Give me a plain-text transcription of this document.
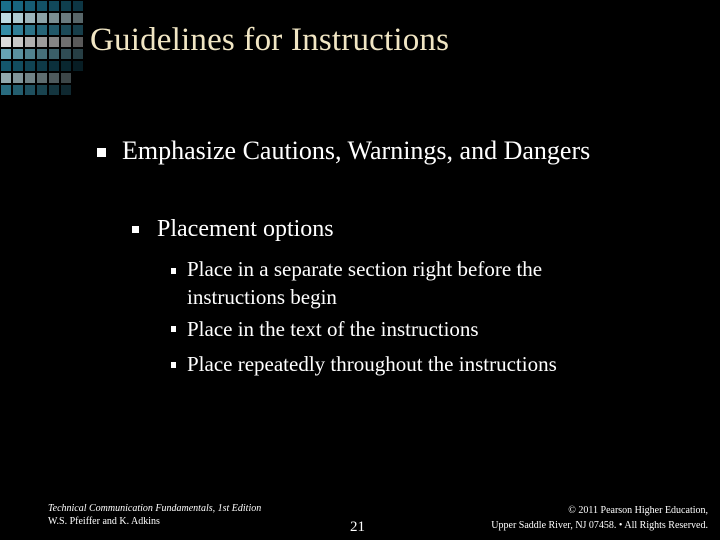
Guidelines for Instructions
Emphasize Cautions, Warnings, and Dangers
Placement options
Place in a separate section right before the instructions begin
Place in the text of the instructions
Place repeatedly throughout the instructions
Technical Communication Fundamentals, 1st Edition
W.S. Pfeiffer and K. Adkins	21
© 2011 Pearson Higher Education,
Upper Saddle River, NJ 07458. • All Rights Reserved.
